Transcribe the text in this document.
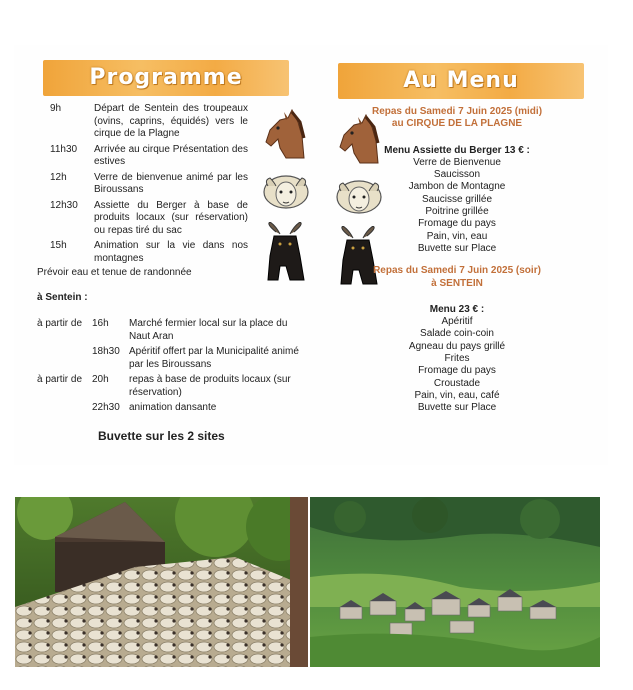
Programme
9h	Départ de Sentein des troupeaux (ovins, caprins, équidés) vers le cirque de la Plagne
11h30	Arrivée au cirque Présentation des estives
12h	Verre de bienvenue animé par les Biroussans
12h30	Assiette du Berger à base de produits locaux (sur réservation) ou repas tiré du sac
15h	Animation sur la vie dans nos montagnes
Prévoir eau et tenue de randonnée
à Sentein :
à partir de 16h	Marché fermier local sur la place du Naut Aran
18h30 Apéritif offert par la Municipalité animé par les Biroussans
à partir de 20h	repas à base de produits locaux (sur réservation)
22h30 animation dansante
Buvette sur les 2 sites
Au Menu
Repas du Samedi 7 Juin 2025 (midi)
au CIRQUE DE LA PLAGNE
Menu Assiette du Berger 13 € :
Verre de Bienvenue
Saucisson
Jambon de Montagne
Saucisse grillée
Poitrine grillée
Fromage du pays
Pain, vin, eau
Buvette sur Place
Repas du Samedi 7 Juin 2025 (soir)
à SENTEIN
Menu 23 € :
Apéritif
Salade coin-coin
Agneau du pays grillé
Frites
Fromage du pays
Croustade
Pain, vin, eau, café
Buvette sur Place
